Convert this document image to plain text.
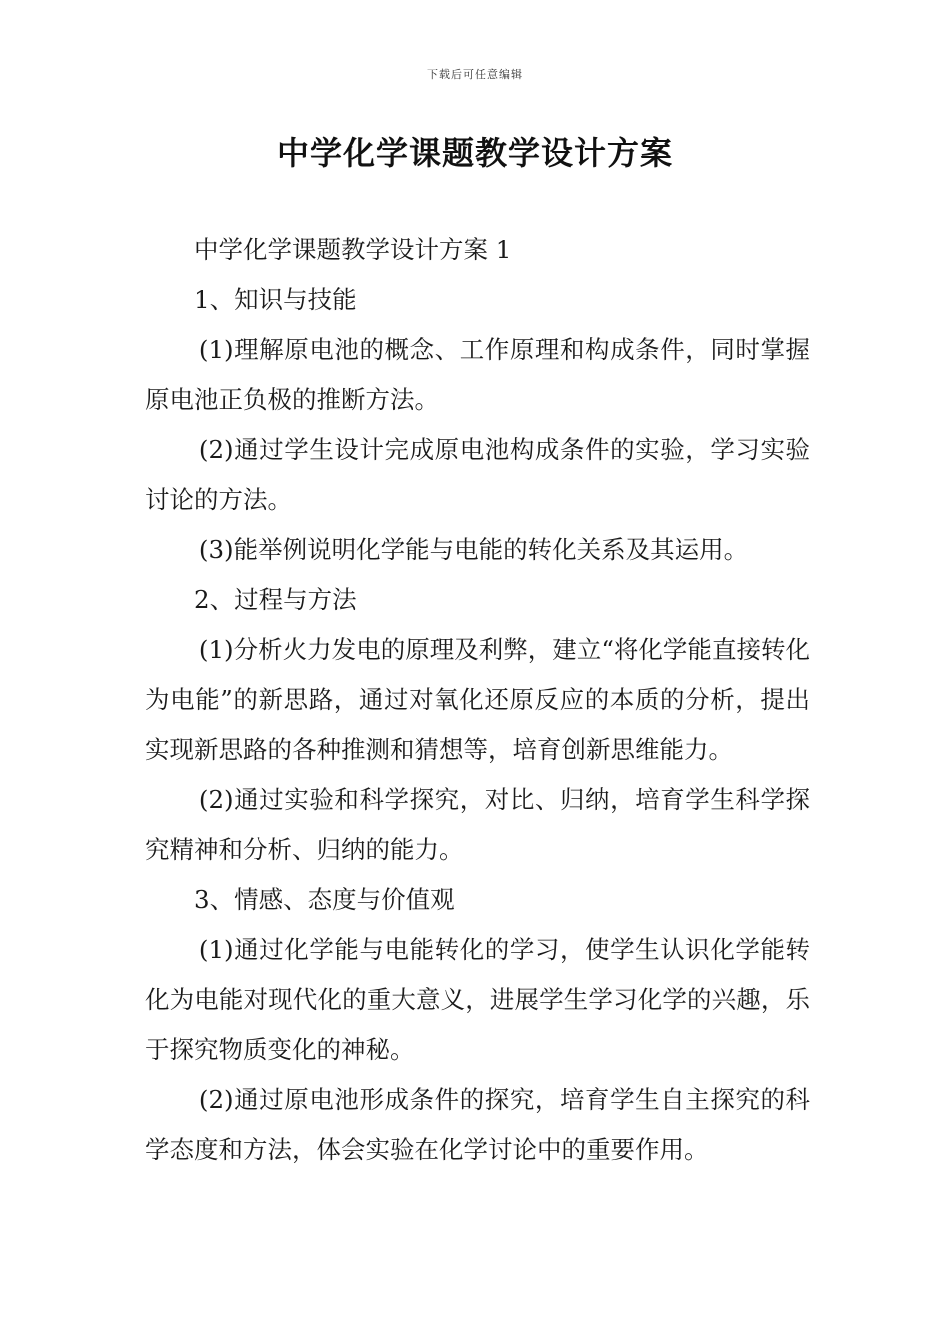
下载后可任意编辑
中学化学课题教学设计方案

中学化学课题教学设计方案 1

1、知识与技能

(1)理解原电池的概念、工作原理和构成条件，同时掌握原电池正负极的推断方法。

(2)通过学生设计完成原电池构成条件的实验，学习实验讨论的方法。

(3)能举例说明化学能与电能的转化关系及其运用。

2、过程与方法

(1)分析火力发电的原理及利弊，建立“将化学能直接转化为电能”的新思路，通过对氧化还原反应的本质的分析，提出实现新思路的各种推测和猜想等，培育创新思维能力。

(2)通过实验和科学探究，对比、归纳，培育学生科学探究精神和分析、归纳的能力。

3、情感、态度与价值观

(1)通过化学能与电能转化的学习，使学生认识化学能转化为电能对现代化的重大意义，进展学生学习化学的兴趣，乐于探究物质变化的神秘。

(2)通过原电池形成条件的探究，培育学生自主探究的科学态度和方法，体会实验在化学讨论中的重要作用。
